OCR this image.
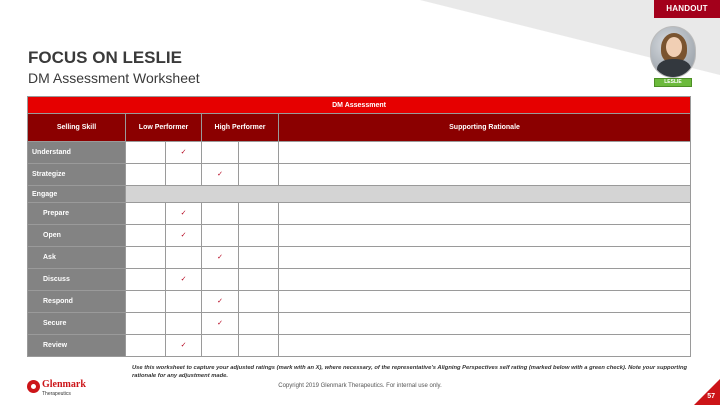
HANDOUT
FOCUS ON LESLIE
DM Assessment Worksheet	LESLIE
DM Assessment					
Selling Skill	Low Performer		High Performer		Supporting Rationale
Understand		✓			
Strategize			✓		
Engage					
Prepare		✓			
Open		✓			
Ask			✓		
Discuss		✓			
Respond			✓		
Secure			✓		
Review		✓			
Use this worksheet to capture your adjusted ratings (mark with an X), where necessary, of the representative's Aligning Perspectives self rating (marked below with a green check). Note your supporting rationale for any adjustment made.
Copyright 2019 Glenmark Therapeutics. For internal use only.
Glenmark
Therapeutics	57
